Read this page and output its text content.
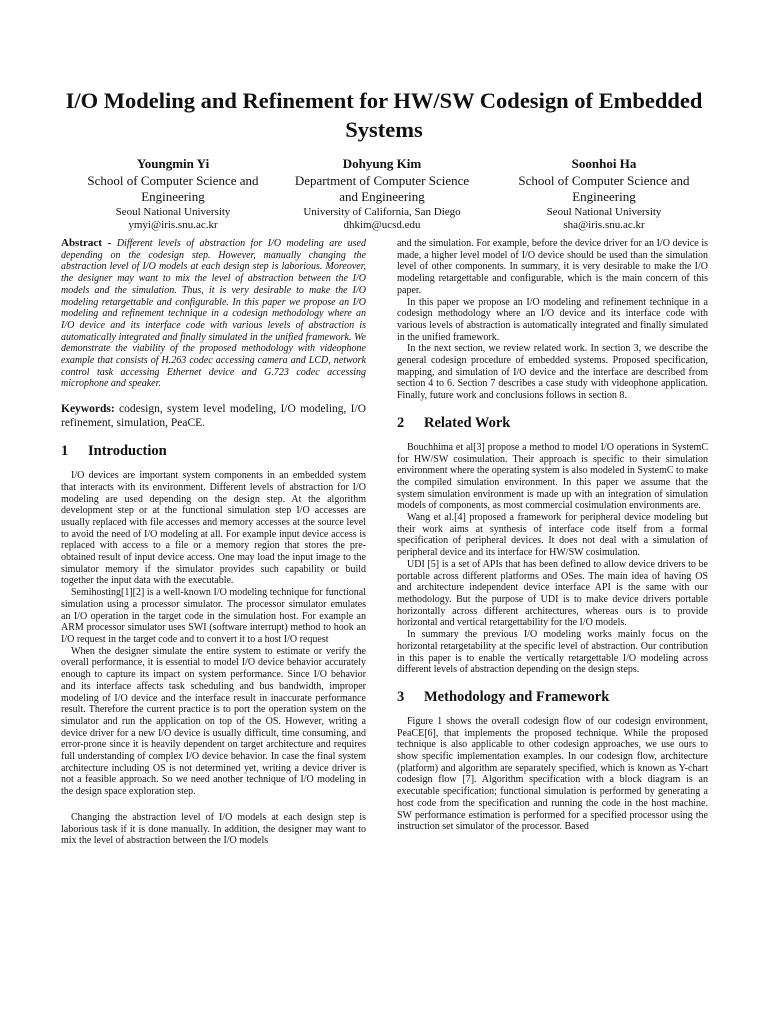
I/O Modeling and Refinement for HW/SW Codesign of Embedded Systems
Youngmin Yi
School of Computer Science and Engineering
Seoul National University
ymyi@iris.snu.ac.kr
Dohyung Kim
Department of Computer Science and Engineering
University of California, San Diego
dhkim@ucsd.edu
Soonhoi Ha
School of Computer Science and Engineering
Seoul National University
sha@iris.snu.ac.kr

Abstract - Different levels of abstraction for I/O modeling are used depending on the codesign step. However, manually changing the abstraction level of I/O models at each design step is laborious. Moreover, the designer may want to mix the level of abstraction between the I/O models and the simulation. Thus, it is very desirable to make the I/O modeling retargettable and configurable. In this paper we propose an I/O modeling and refinement technique in a codesign methodology where an I/O device and its interface code with various levels of abstraction is automatically integrated and finally simulated in the unified framework. We demonstrate the viability of the proposed methodology with videophone example that consists of H.263 codec accessing camera and LCD, network control task accessing Ethernet device and G.723 codec accessing microphone and speaker.

Keywords: codesign, system level modeling, I/O modeling, I/O refinement, simulation, PeaCE.

1 Introduction

I/O devices are important system components in an embedded system that interacts with its environment. Different levels of abstraction for I/O modeling are used depending on the design step. At the algorithm development step or at the functional simulation step I/O accesses are usually replaced with file accesses and memory accesses at the source level to avoid the need of I/O modeling at all. For example input device access is replaced with access to a file or a memory region that stores the pre-obtained result of input device access. One may load the input image to the simulator memory if the simulator provides such capability or build together the input data with the executable.

Semihosting[1][2] is a well-known I/O modeling technique for functional simulation using a processor simulator. The processor simulator emulates an I/O operation in the target code in the simulation host. For example an ARM processor simulator uses SWI (software interrupt) method to hook an I/O request in the target code and to convert it to a host I/O request

When the designer simulate the entire system to estimate or verify the overall performance, it is essential to model I/O device behavior accurately enough to capture its impact on system performance. Since I/O behavior and its interface affects task scheduling and bus bandwidth, improper modeling of I/O device and the interface result in inaccurate performance result. Therefore the current practice is to port the operation system on the simulator and run the application on top of the OS. However, writing a device driver for a new I/O device is usually difficult, time consuming, and error-prone since it is heavily dependent on target architecture and requires full understanding of complex I/O device behavior. In case the final system architecture including OS is not determined yet, writing a device driver is not a feasible approach. So we need another technique of I/O modeling in the design space exploration step.

Changing the abstraction level of I/O models at each design step is laborious task if it is done manually. In addition, the designer may want to mix the level of abstraction between the I/O models

and the simulation. For example, before the device driver for an I/O device is made, a higher level model of I/O device should be used than the simulation level of other components. In summary, it is very desirable to make the I/O modeling retargettable and configurable, which is the main concern of this paper.

In this paper we propose an I/O modeling and refinement technique in a codesign methodology where an I/O device and its interface code with various levels of abstraction is automatically integrated and finally simulated in the unified framework.

In the next section, we review related work. In section 3, we describe the general codesign procedure of embedded systems. Proposed specification, mapping, and simulation of I/O device and the interface are described from section 4 to 6. Section 7 describes a case study with videophone application. Finally, future work and conclusions follows in section 8.

2 Related Work

Bouchhima et al[3] propose a method to model I/O operations in SystemC for HW/SW cosimulation. Their approach is specific to their simulation environment where the operating system is also modeled in SystemC to make the compiled simulation environment. In this paper we assume that the system simulation environment is made up with an integration of simulation models of components, as most commercial cosimulation environments are.

Wang et al.[4] proposed a framework for peripheral device modeling but their work aims at synthesis of interface code itself from a formal specification of peripheral devices. It does not deal with a simulation of peripheral device and its interface for HW/SW cosimulation.

UDI [5] is a set of APIs that has been defined to allow device drivers to be portable across different platforms and OSes. The main idea of having OS and architecture independent device interface API is the same with our methodology. But the purpose of UDI is to make device drivers portable horizontally across different architectures, whereas ours is to provide horizontal and vertical retargettability for the I/O models.

In summary the previous I/O modeling works mainly focus on the horizontal retargetability at the specific level of abstraction. Our contribution in this paper is to enable the vertically retargettable I/O modeling across different levels of abstraction depending on the design steps.

3 Methodology and Framework

Figure 1 shows the overall codesign flow of our codesign environment, PeaCE[6], that implements the proposed technique. While the proposed technique is also applicable to other codesign approaches, we use ours to show specific implementation examples. In our codesign flow, architecture (platform) and algorithm are separately specified, which is known as Y-chart codesign flow [7]. Algorithm specification with a block diagram is an executable specification; functional simulation is performed by generating a host code from the specification and running the code in the host machine. SW performance estimation is performed for a specified processor using the instruction set simulator of the processor. Based
